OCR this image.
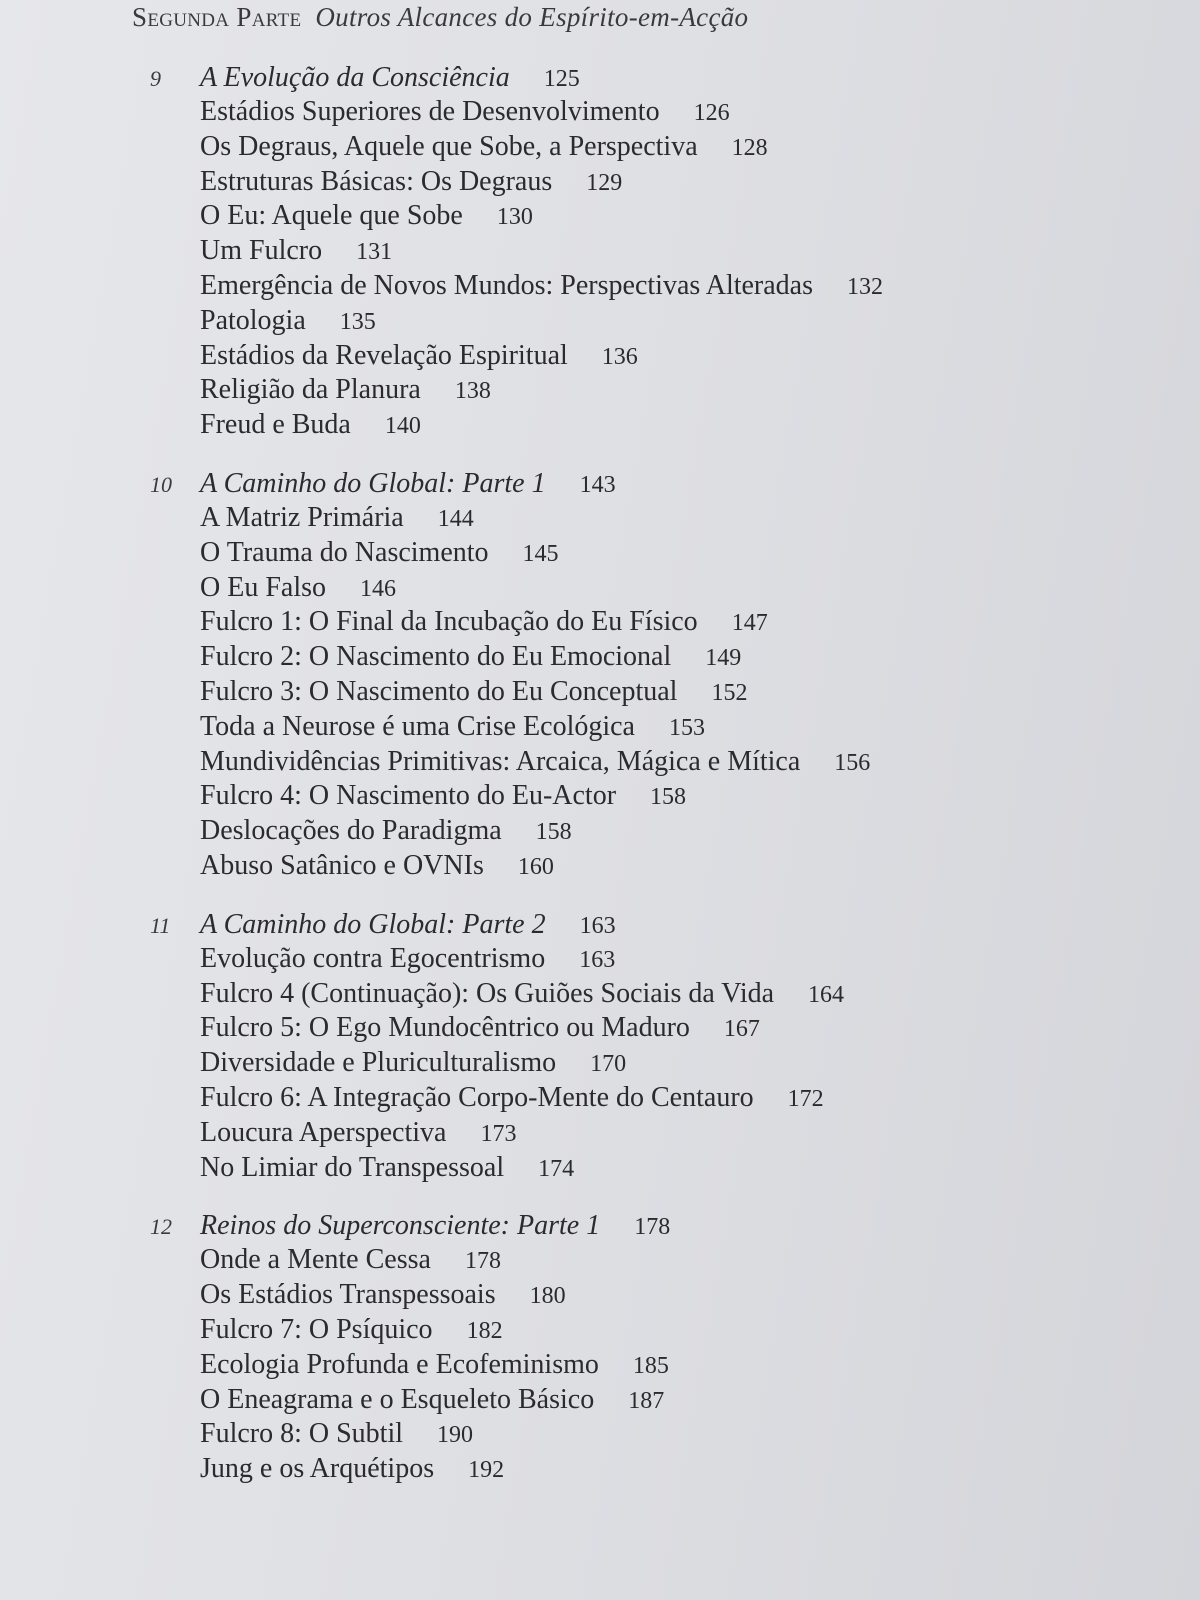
Segunda Parte Outros Alcances do Espírito-em-Acção
9	A Evolução da Consciência 125
Estádios Superiores de Desenvolvimento 126
Os Degraus, Aquele que Sobe, a Perspectiva 128
Estruturas Básicas: Os Degraus 129
O Eu: Aquele que Sobe 130
Um Fulcro 131
Emergência de Novos Mundos: Perspectivas Alteradas 132
Patologia 135
Estádios da Revelação Espiritual 136
Religião da Planura 138
Freud e Buda 140
10	A Caminho do Global: Parte 1 143
A Matriz Primária 144
O Trauma do Nascimento 145
O Eu Falso 146
Fulcro 1: O Final da Incubação do Eu Físico 147
Fulcro 2: O Nascimento do Eu Emocional 149
Fulcro 3: O Nascimento do Eu Conceptual 152
Toda a Neurose é uma Crise Ecológica 153
Mundividências Primitivas: Arcaica, Mágica e Mítica 156
Fulcro 4: O Nascimento do Eu-Actor 158
Deslocações do Paradigma 158
Abuso Satânico e OVNIs 160
11	A Caminho do Global: Parte 2 163
Evolução contra Egocentrismo 163
Fulcro 4 (Continuação): Os Guiões Sociais da Vida 164
Fulcro 5: O Ego Mundocêntrico ou Maduro 167
Diversidade e Pluriculturalismo 170
Fulcro 6: A Integração Corpo-Mente do Centauro 172
Loucura Aperspectiva 173
No Limiar do Transpessoal 174
12	Reinos do Superconsciente: Parte 1 178
Onde a Mente Cessa 178
Os Estádios Transpessoais 180
Fulcro 7: O Psíquico 182
Ecologia Profunda e Ecofeminismo 185
O Eneagrama e o Esqueleto Básico 187
Fulcro 8: O Subtil 190
Jung e os Arquétipos 192
